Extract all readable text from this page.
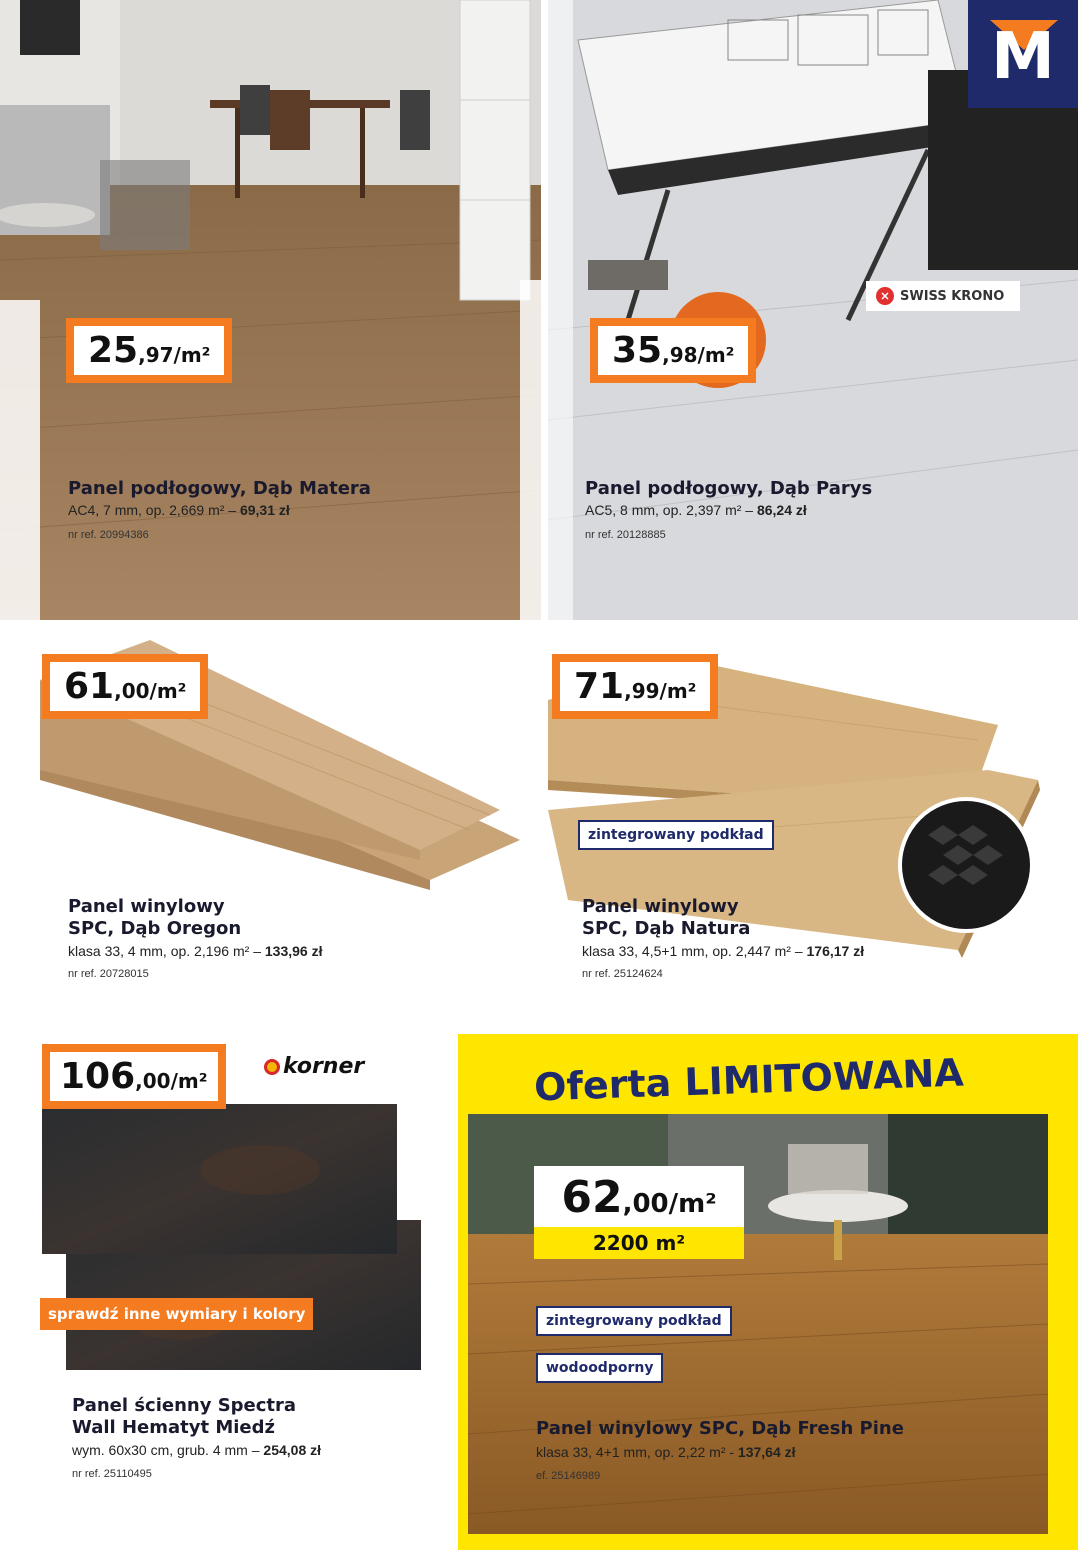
25,97/m²
Panel podłogowy, Dąb Matera
AC4, 7 mm, op. 2,669 m² – 69,31 zł
nr ref. 20994386
✕ SWISS KRONO
35,98/m²
Panel podłogowy, Dąb Parys
AC5, 8 mm, op. 2,397 m² – 86,24 zł
nr ref. 20128885
M
61,00/m²
Panel winylowy
SPC, Dąb Oregon
klasa 33, 4 mm, op. 2,196 m² – 133,96 zł
nr ref. 20728015
71,99/m²
zintegrowany podkład
Panel winylowy
SPC, Dąb Natura
klasa 33, 4,5+1 mm, op. 2,447 m² – 176,17 zł
nr ref. 25124624
106,00/m²
korner
sprawdź inne wymiary i kolory
Panel ścienny Spectra
Wall Hematyt Miedź
wym. 60x30 cm, grub. 4 mm – 254,08 zł
nr ref. 25110495
Oferta LIMITOWANA
62,00/m²
2200 m²
zintegrowany podkład
wodoodporny
Panel winylowy SPC, Dąb Fresh Pine
klasa 33, 4+1 mm, op. 2,22 m² - 137,64 zł
ef. 25146989
